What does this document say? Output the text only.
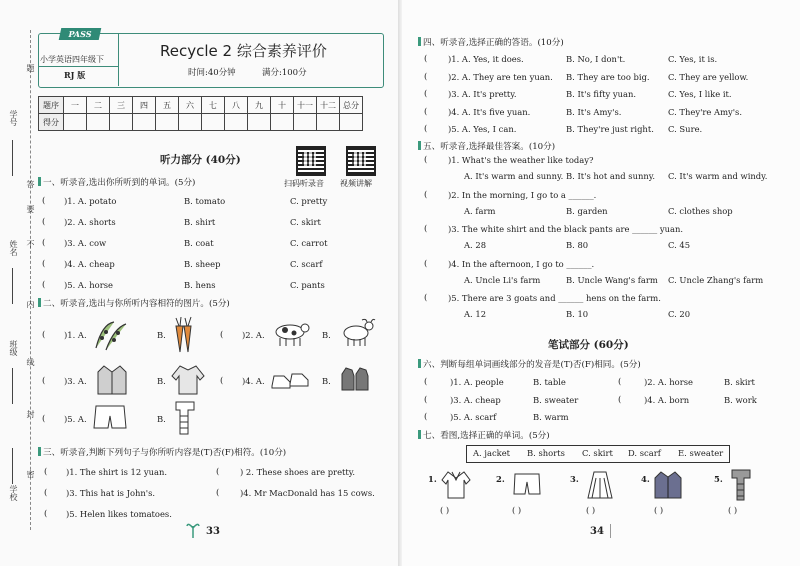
学号
姓名
班级
学校
题
答
要
不
内
线
封
密
PASS
小学英语四年级下
RJ 版
Recycle 2 综合素养评价
时间:40分钟	满分:100分
题序	一	二	三	四	五	六	七	八	九	十	十一	十二	总分
得分													
听力部分 (40分)
扫码听录音 视频讲解
一、听录音,选出你所听到的单词。(5分)
( )1. A. potato	B. tomato	C. pretty
( )2. A. shorts	B. shirt	C. skirt
( )3. A. cow	B. coat	C. carrot
( )4. A. cheap	B. sheep	C. scarf
( )5. A. horse	B. hens	C. pants
二、听录音,选出与你所听内容相符的图片。(5分)
( )1. A.	B.	( )2. A.	B.
( )3. A.	B.	( )4. A.	B.
( )5. A.	B.
三、听录音,判断下列句子与你所听内容是(T)否(F)相符。(10分)
( )1. The shirt is 12 yuan.	( ) 2. These shoes are pretty.
( )3. This hat is John's.	( )4. Mr MacDonald has 15 cows.
( )5. Helen likes tomatoes.
33
四、听录音,选择正确的答语。(10分)
( )1. A. Yes, it does.	B. No, I don't.	C. Yes, it is.
( )2. A. They are ten yuan. B. They are too big. C. They are yellow.
( )3. A. It's pretty.	B. It's fifty yuan.	C. Yes, I like it.
( )4. A. It's five yuan.	B. It's Amy's.	C. They're Amy's.
( )5. A. Yes, I can.	B. They're just right. C. Sure.
五、听录音,选择最佳答案。(10分)
( )1. What's the weather like today?
A. It's warm and sunny. B. It's hot and sunny. C. It's warm and windy.
( )2. In the morning, I go to a ______.
A. farm	B. garden	C. clothes shop
( )3. The white shirt and the black pants are ______ yuan.
A. 28	B. 80	C. 45
( )4. In the afternoon, I go to ______.
A. Uncle Li's farm	B. Uncle Wang's farm C. Uncle Zhang's farm
( )5. There are 3 goats and ______ hens on the farm.
A. 12	B. 10	C. 20
笔试部分 (60分)
六、判断每组单词画线部分的发音是(T)否(F)相同。(5分)
(	)1. A. people	B. table	(	)2. A. horse	B. skirt
(	)3. A. cheap	B. sweater	(	)4. A. born	B. work
(	)5. A. scarf	B. warm
七、看图,选择正确的单词。(5分)
A. jacket B. shorts C. skirt D. scarf E. sweater
1.
( )
2.
( )
3.
( )
4.
( )
5.
( )
34
